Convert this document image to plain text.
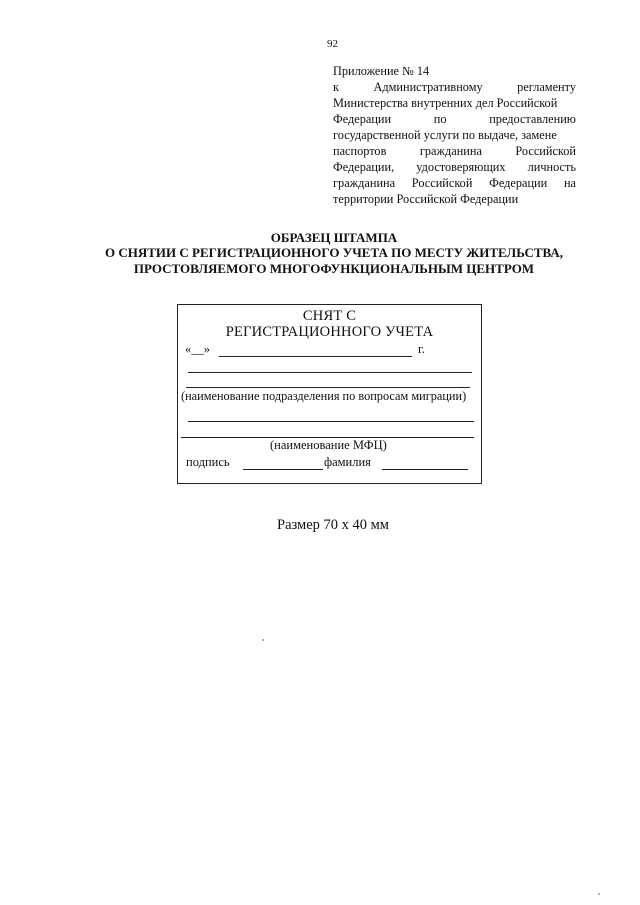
92
Приложение № 14
к	Административному	регламенту
Министерства внутренних дел Российской
Федерации	по	предоставлению
государственной услуги по выдаче, замене
паспортов	гражданина	Российской
Федерации, удостоверяющих личность
гражданина Российской Федерации на
территории Российской Федерации
ОБРАЗЕЦ ШТАМПА
О СНЯТИИ С РЕГИСТРАЦИОННОГО УЧЕТА ПО МЕСТУ ЖИТЕЛЬСТВА,
ПРОСТОВЛЯЕМОГО МНОГОФУНКЦИОНАЛЬНЫМ ЦЕНТРОМ
СНЯТ С
РЕГИСТРАЦИОННОГО УЧЕТА
«__»	г.
(наименование подразделения по вопросам миграции)
(наименование МФЦ)
подпись	фамилия
Размер 70 х 40 мм
